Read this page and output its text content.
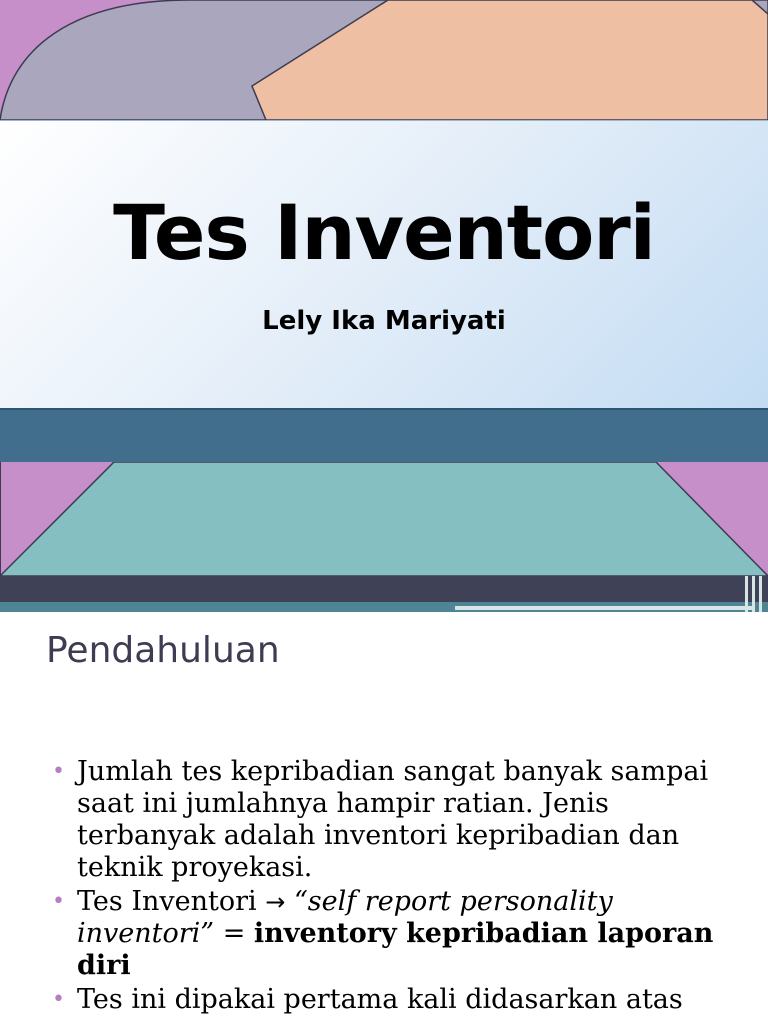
Tes Inventori
Lely Ika Mariyati
Pendahuluan
• Jumlah tes kepribadian sangat banyak sampai saat ini jumlahnya hampir ratian. Jenis terbanyak adalah inventori kepribadian dan teknik proyekasi.
• Tes Inventori → “self report personality inventori” = inventory kepribadian laporan diri
• Tes ini dipakai pertama kali didasarkan atas
